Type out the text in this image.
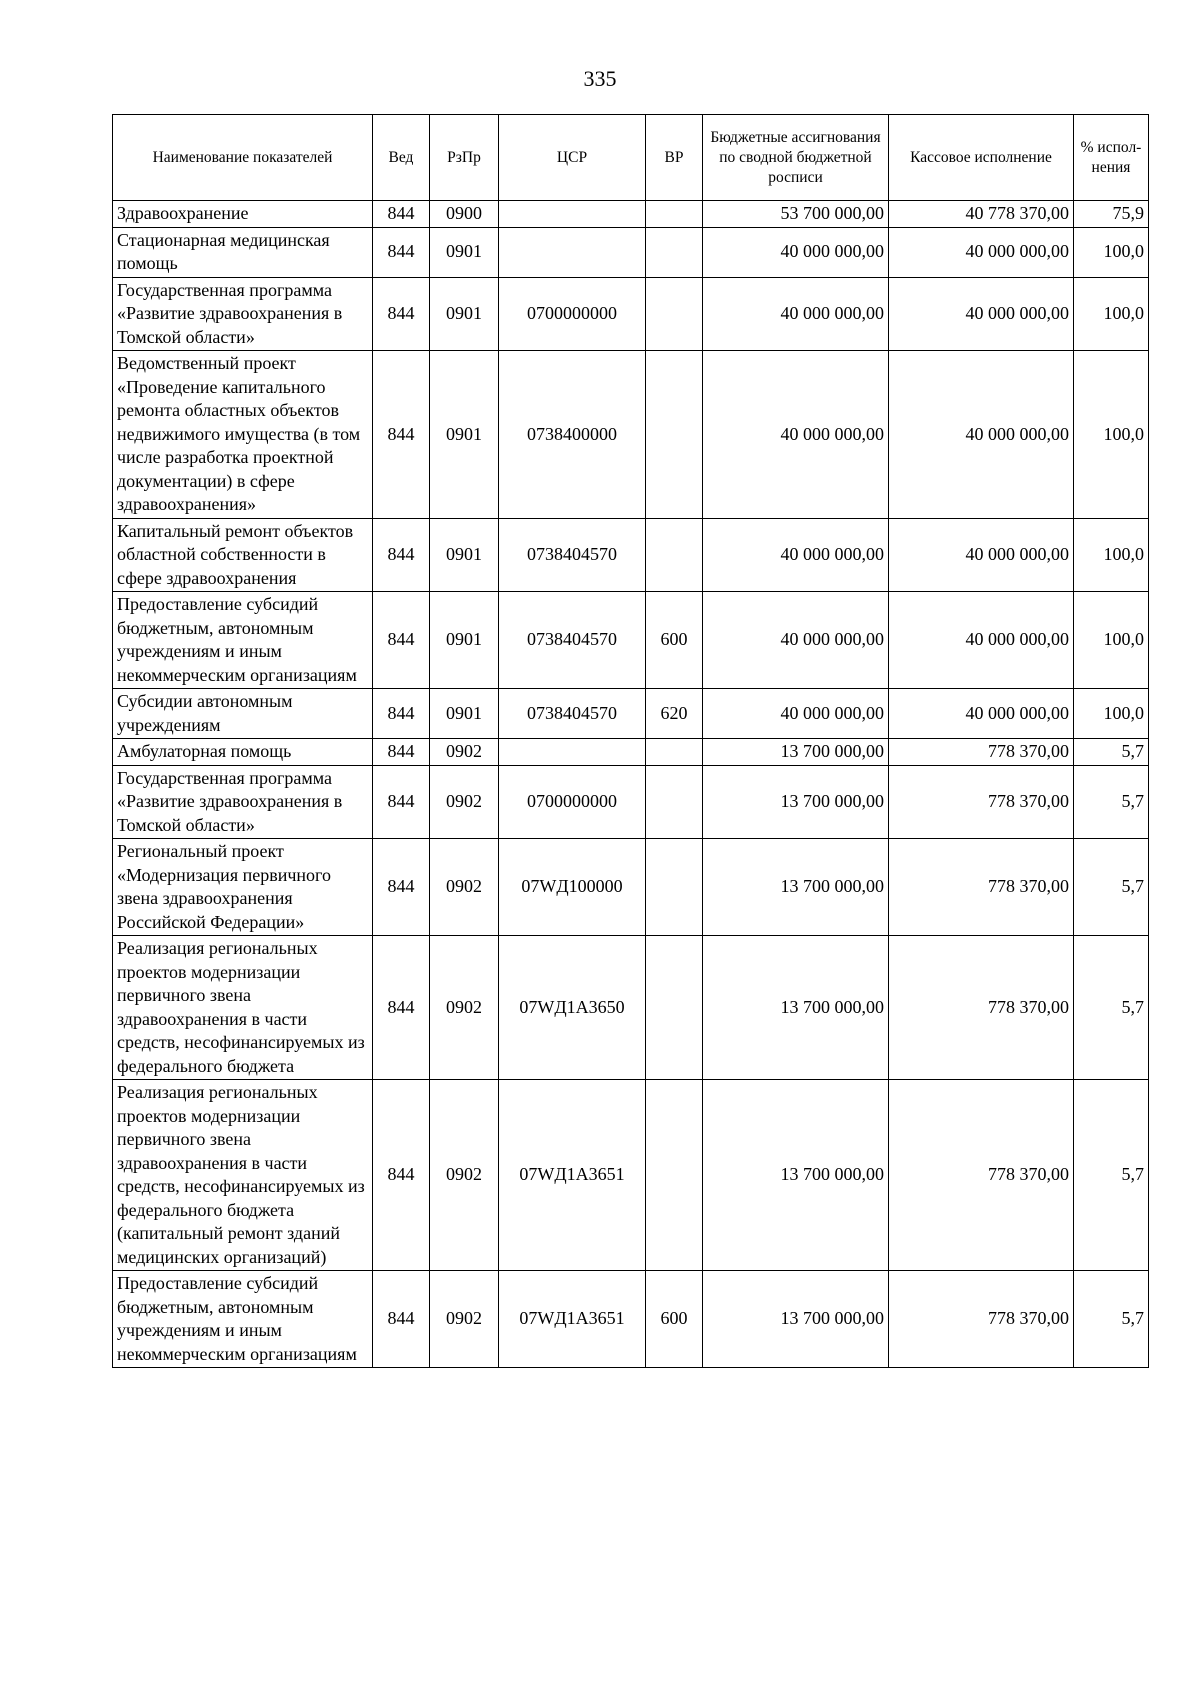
335
Наименование показателей	Вед	РзПр	ЦСР	ВР	Бюджетные ассигнования по сводной бюджетной росписи	Кассовое исполнение	% испол-нения
Здравоохранение	844	0900			53 700 000,00	40 778 370,00	75,9
Стационарная медицинская помощь	844	0901			40 000 000,00	40 000 000,00	100,0
Государственная программа «Развитие здравоохранения в Томской области»	844	0901	0700000000		40 000 000,00	40 000 000,00	100,0
Ведомственный проект «Проведение капитального ремонта областных объектов недвижимого имущества (в том числе разработка проектной документации) в сфере здравоохранения»	844	0901	0738400000		40 000 000,00	40 000 000,00	100,0
Капитальный ремонт объектов областной собственности в сфере здравоохранения	844	0901	0738404570		40 000 000,00	40 000 000,00	100,0
Предоставление субсидий бюджетным, автономным учреждениям и иным некоммерческим организациям	844	0901	0738404570	600	40 000 000,00	40 000 000,00	100,0
Субсидии автономным учреждениям	844	0901	0738404570	620	40 000 000,00	40 000 000,00	100,0
Амбулаторная помощь	844	0902			13 700 000,00	778 370,00	5,7
Государственная программа «Развитие здравоохранения в Томской области»	844	0902	0700000000		13 700 000,00	778 370,00	5,7
Региональный проект «Модернизация первичного звена здравоохранения Российской Федерации»	844	0902	07WД100000		13 700 000,00	778 370,00	5,7
Реализация региональных проектов модернизации первичного звена здравоохранения в части средств, несофинансируемых из федерального бюджета	844	0902	07WД1А3650		13 700 000,00	778 370,00	5,7
Реализация региональных проектов модернизации первичного звена здравоохранения в части средств, несофинансируемых из федерального бюджета (капитальный ремонт зданий медицинских организаций)	844	0902	07WД1А3651		13 700 000,00	778 370,00	5,7
Предоставление субсидий бюджетным, автономным учреждениям и иным некоммерческим организациям	844	0902	07WД1А3651	600	13 700 000,00	778 370,00	5,7
